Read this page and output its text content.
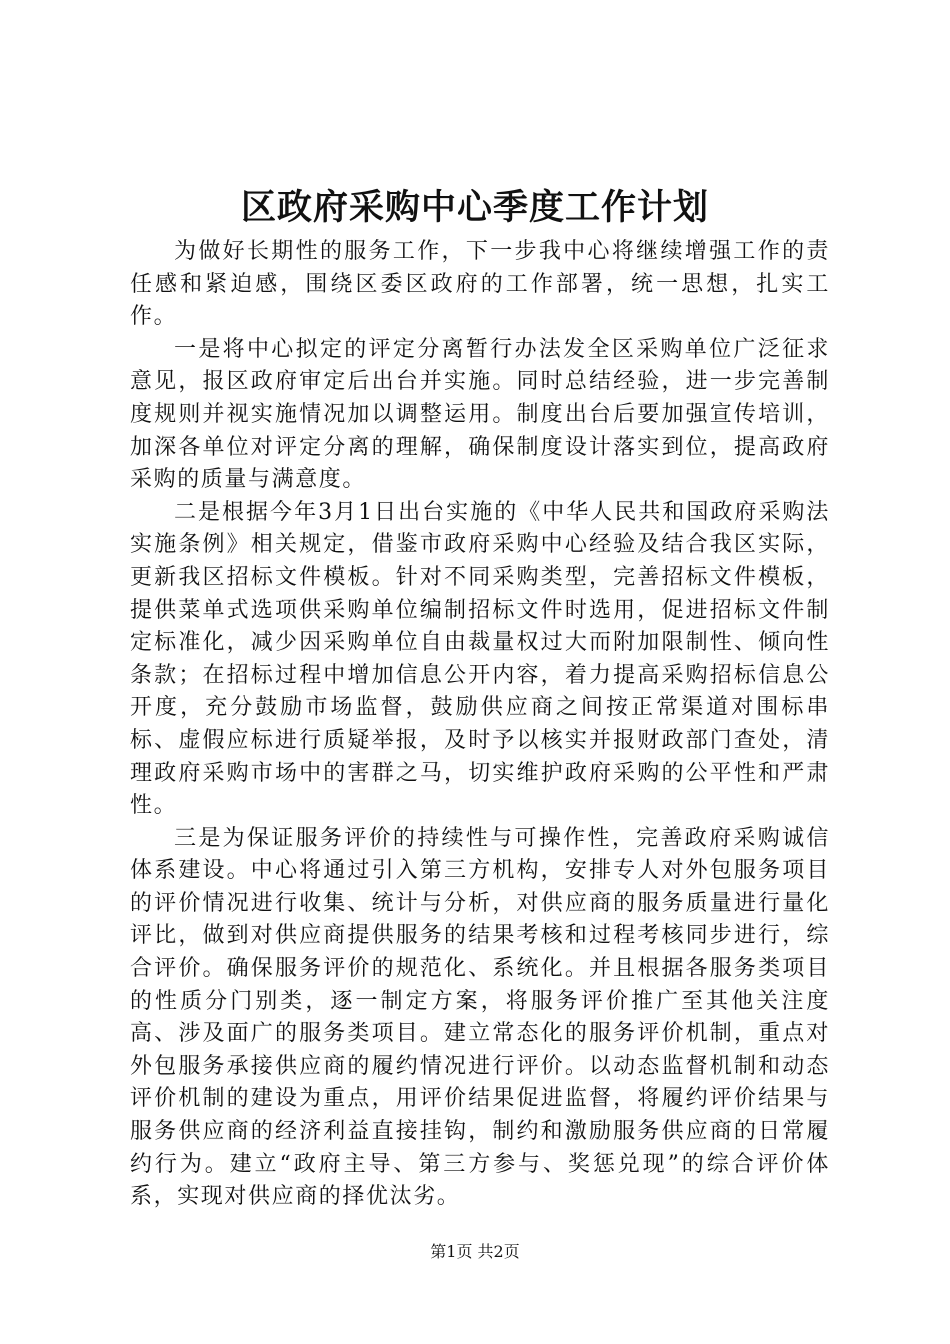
区政府采购中心季度工作计划

为做好长期性的服务工作，下一步我中心将继续增强工作的责任感和紧迫感，围绕区委区政府的工作部署，统一思想，扎实工作。

一是将中心拟定的评定分离暂行办法发全区采购单位广泛征求意见，报区政府审定后出台并实施。同时总结经验，进一步完善制度规则并视实施情况加以调整运用。制度出台后要加强宣传培训，加深各单位对评定分离的理解，确保制度设计落实到位，提高政府采购的质量与满意度。

二是根据今年3月1日出台实施的《中华人民共和国政府采购法实施条例》相关规定，借鉴市政府采购中心经验及结合我区实际，更新我区招标文件模板。针对不同采购类型，完善招标文件模板，提供菜单式选项供采购单位编制招标文件时选用，促进招标文件制定标准化，减少因采购单位自由裁量权过大而附加限制性、倾向性条款；在招标过程中增加信息公开内容，着力提高采购招标信息公开度，充分鼓励市场监督，鼓励供应商之间按正常渠道对围标串标、虚假应标进行质疑举报，及时予以核实并报财政部门查处，清理政府采购市场中的害群之马，切实维护政府采购的公平性和严肃性。

三是为保证服务评价的持续性与可操作性，完善政府采购诚信体系建设。中心将通过引入第三方机构，安排专人对外包服务项目的评价情况进行收集、统计与分析，对供应商的服务质量进行量化评比，做到对供应商提供服务的结果考核和过程考核同步进行，综合评价。确保服务评价的规范化、系统化。并且根据各服务类项目的性质分门别类，逐一制定方案，将服务评价推广至其他关注度高、涉及面广的服务类项目。建立常态化的服务评价机制，重点对外包服务承接供应商的履约情况进行评价。以动态监督机制和动态评价机制的建设为重点，用评价结果促进监督，将履约评价结果与服务供应商的经济利益直接挂钩，制约和激励服务供应商的日常履约行为。建立“政府主导、第三方参与、奖惩兑现”的综合评价体系，实现对供应商的择优汰劣。

第1页 共2页
